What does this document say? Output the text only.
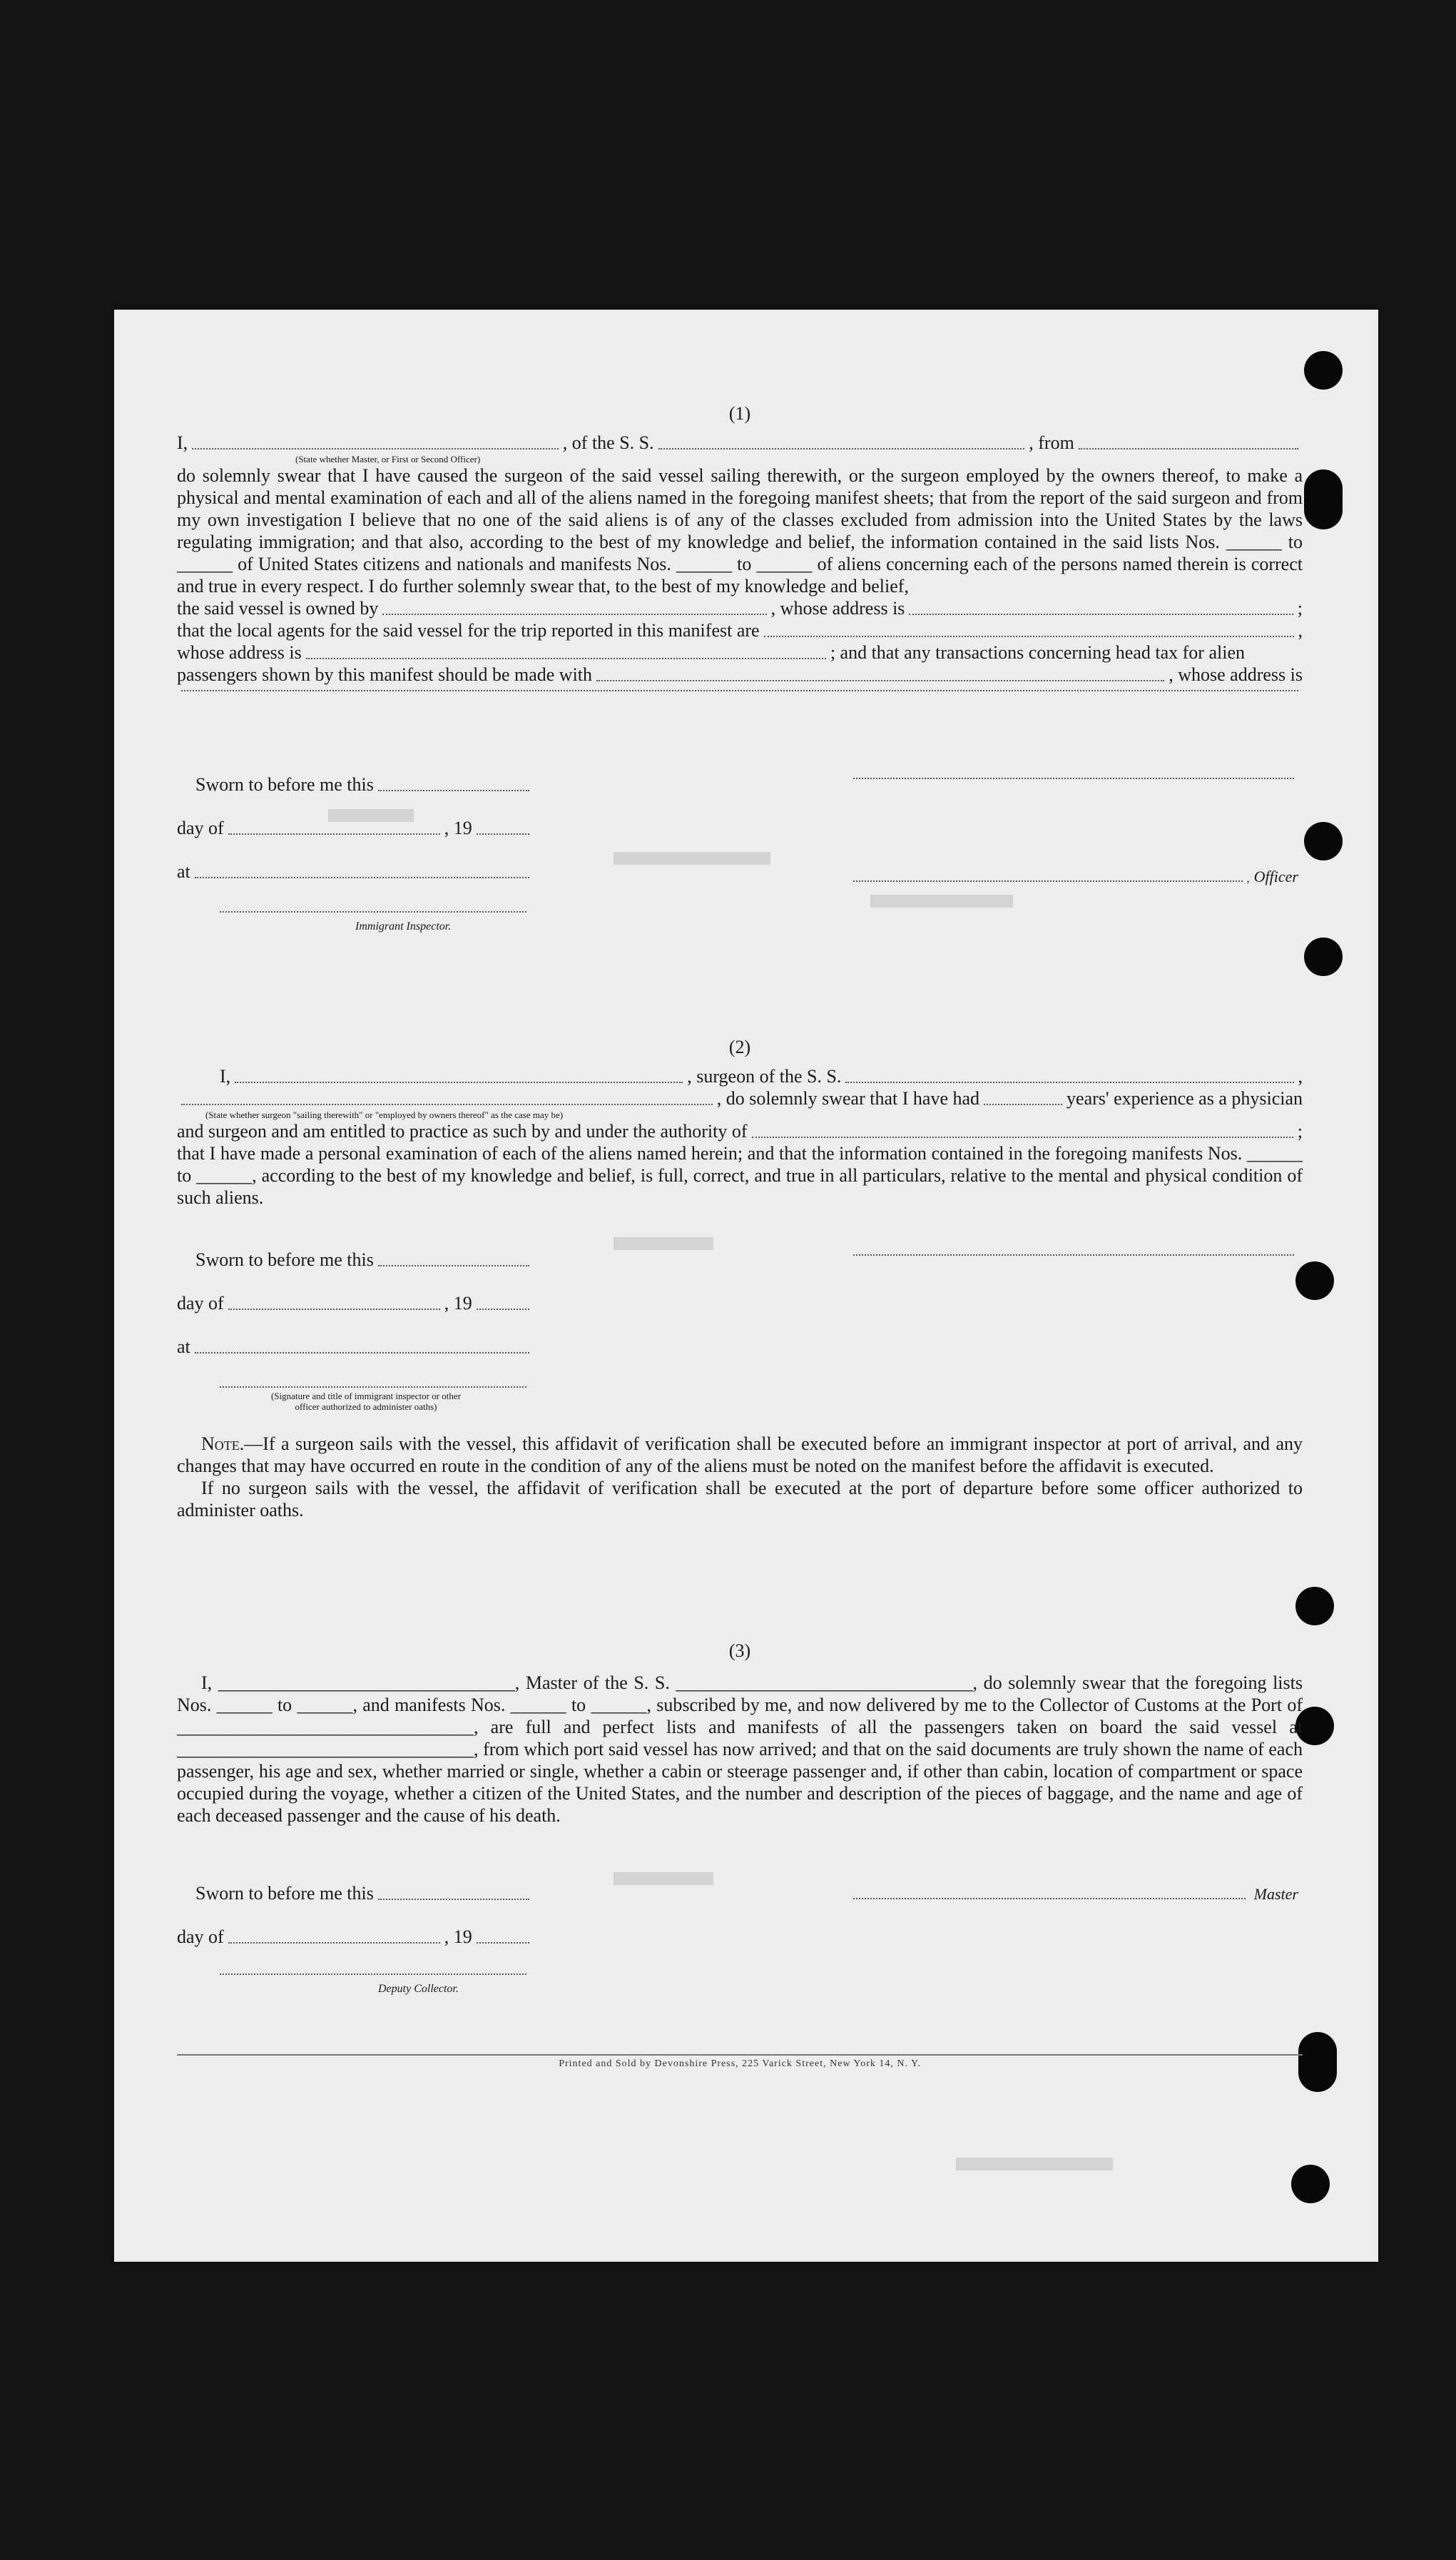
(1)
I,	, of the S. S.	, from
(State whether Master, or First or Second Officer)

do solemnly swear that I have caused the surgeon of the said vessel sailing therewith, or the surgeon employed by the owners thereof, to make a physical and mental examination of each and all of the aliens named in the foregoing manifest sheets; that from the report of the said surgeon and from my own investigation I believe that no one of the said aliens is of any of the classes excluded from admission into the United States by the laws regulating immigration; and that also, according to the best of my knowledge and belief, the information contained in the said lists Nos. ______ to ______ of United States citizens and nationals and manifests Nos. ______ to ______ of aliens concerning each of the persons named therein is correct and true in every respect. I do further solemnly swear that, to the best of my knowledge and belief,

the said vessel is owned by	, whose address is	;
that the local agents for the said vessel for the trip reported in this manifest are	,
whose address is	; and that any transactions concerning head tax for alien
passengers shown by this manifest should be made with	, whose address is
Sworn to before me this
day of	, 19
at
Immigrant Inspector.
, Officer
(2)
I,	, surgeon of the S. S.	,
, do solemnly swear that I have had	years' experience as a physician
(State whether surgeon "sailing therewith" or "employed by owners thereof" as the case may be)
and surgeon and am entitled to practice as such by and under the authority of	;

that I have made a personal examination of each of the aliens named herein; and that the information contained in the foregoing manifests Nos. ______ to ______, according to the best of my knowledge and belief, is full, correct, and true in all particulars, relative to the mental and physical condition of such aliens.

Sworn to before me this
day of	, 19
at
(Signature and title of immigrant inspector or other officer authorized to administer oaths)

Note.—If a surgeon sails with the vessel, this affidavit of verification shall be executed before an immigrant inspector at port of arrival, and any changes that may have occurred en route in the condition of any of the aliens must be noted on the manifest before the affidavit is executed.

If no surgeon sails with the vessel, the affidavit of verification shall be executed at the port of departure before some officer authorized to administer oaths.

(3)

I, ________________________________, Master of the S. S. ________________________________, do solemnly swear that the foregoing lists Nos. ______ to ______, and manifests Nos. ______ to ______, subscribed by me, and now delivered by me to the Collector of Customs at the Port of ________________________________, are full and perfect lists and manifests of all the passengers taken on board the said vessel at ________________________________, from which port said vessel has now arrived; and that on the said documents are truly shown the name of each passenger, his age and sex, whether married or single, whether a cabin or steerage passenger and, if other than cabin, location of compartment or space occupied during the voyage, whether a citizen of the United States, and the number and description of the pieces of baggage, and the name and age of each deceased passenger and the cause of his death.

Sworn to before me this
day of	, 19
Deputy Collector.
Master
Printed and Sold by Devonshire Press, 225 Varick Street, New York 14, N. Y.
